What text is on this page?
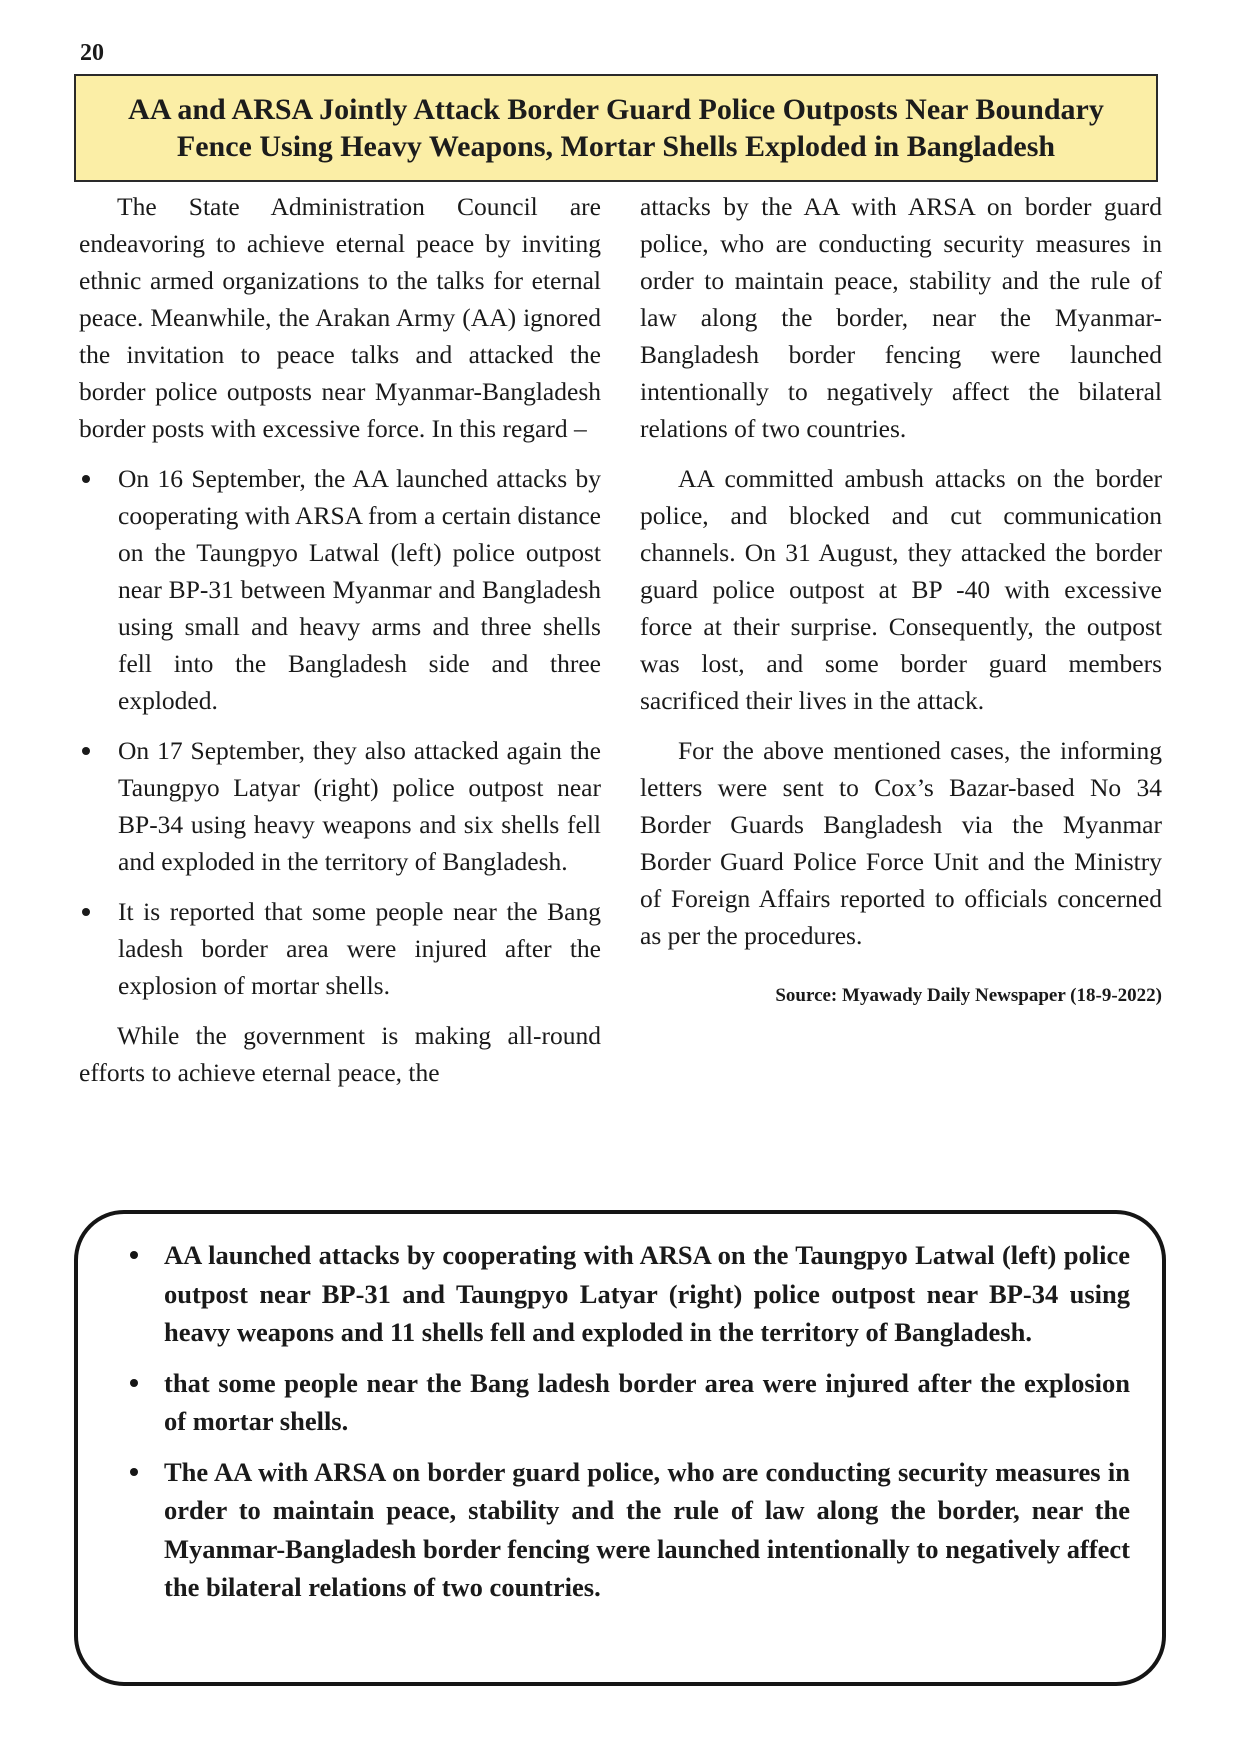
20
AA and ARSA Jointly Attack Border Guard Police Outposts Near Boundary Fence Using Heavy Weapons, Mortar Shells Exploded in Bangladesh

The State Administration Council are endeavoring to achieve eternal peace by inviting ethnic armed organizations to the talks for eternal peace. Meanwhile, the Arakan Army (AA) ignored the invitation to peace talks and attacked the border police outposts near Myanmar-Bangladesh border posts with excessive force. In this regard –

On 16 September, the AA launched attacks by cooperating with ARSA from a certain distance on the Taungpyo Latwal (left) police outpost near BP-31 between Myanmar and Bangladesh using small and heavy arms and three shells fell into the Bangladesh side and three exploded.
On 17 September, they also attacked again the Taungpyo Latyar (right) police outpost near BP-34 using heavy weapons and six shells fell and exploded in the territory of Bangladesh.
It is reported that some people near the Bang ladesh border area were injured after the explosion of mortar shells.

While the government is making all-round efforts to achieve eternal peace, the

attacks by the AA with ARSA on border guard police, who are conducting security measures in order to maintain peace, stability and the rule of law along the border, near the Myanmar-Bangladesh border fencing were launched intentionally to negatively affect the bilateral relations of two countries.

AA committed ambush attacks on the border police, and blocked and cut communication channels. On 31 August, they attacked the border guard police outpost at BP -40 with excessive force at their surprise. Consequently, the outpost was lost, and some border guard members sacrificed their lives in the attack.

For the above mentioned cases, the informing letters were sent to Cox’s Bazar-based No 34 Border Guards Bangladesh via the Myanmar Border Guard Police Force Unit and the Ministry of Foreign Affairs reported to officials concerned as per the procedures.

Source: Myawady Daily Newspaper (18-9-2022)

AA launched attacks by cooperating with ARSA on the Taungpyo Latwal (left) police outpost near BP-31 and Taungpyo Latyar (right) police outpost near BP-34 using heavy weapons and 11 shells fell and exploded in the territory of Bangladesh.
that some people near the Bang ladesh border area were injured after the explosion of mortar shells.
The AA with ARSA on border guard police, who are conducting security measures in order to maintain peace, stability and the rule of law along the border, near the Myanmar-Bangladesh border fencing were launched intentionally to negatively affect the bilateral relations of two countries.
